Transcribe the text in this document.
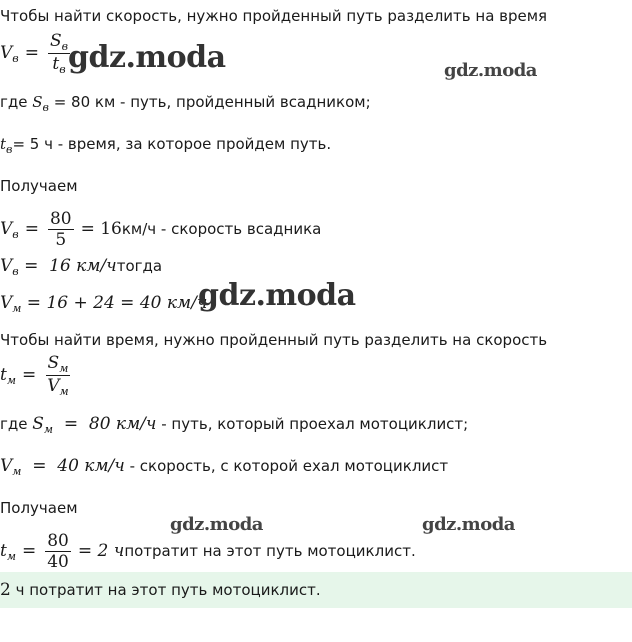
Чтобы найти скорость, нужно пройденный путь разделить на время
$V_в = \frac{S_в}{t_в}$
gdz.moda	gdz.moda
где $S_в = 80$ км - путь, пройденный всадником;
$t_в= 5$ ч - время, за которое пройдем путь.
Получаем
$V_в = \frac{80}{5} = 16$ км/ч - скорость всадника
$V_в = 16$ км/ч тогда
$V_м = 16 + 24 = 40$ км/ч
gdz.moda
Чтобы найти время, нужно пройденный путь разделить на скорость
$t_м = \frac{S_м}{V_м}$
где $S_м = 80$ км/ч - путь, который проехал мотоциклист;
$V_м = 40$ км/ч - скорость, с которой ехал мотоциклист
Получаем
gdz.moda	gdz.moda
$t_м = \frac{80}{40} = 2$ ч потратит на этот путь мотоциклист.
2 ч потратит на этот путь мотоциклист.
